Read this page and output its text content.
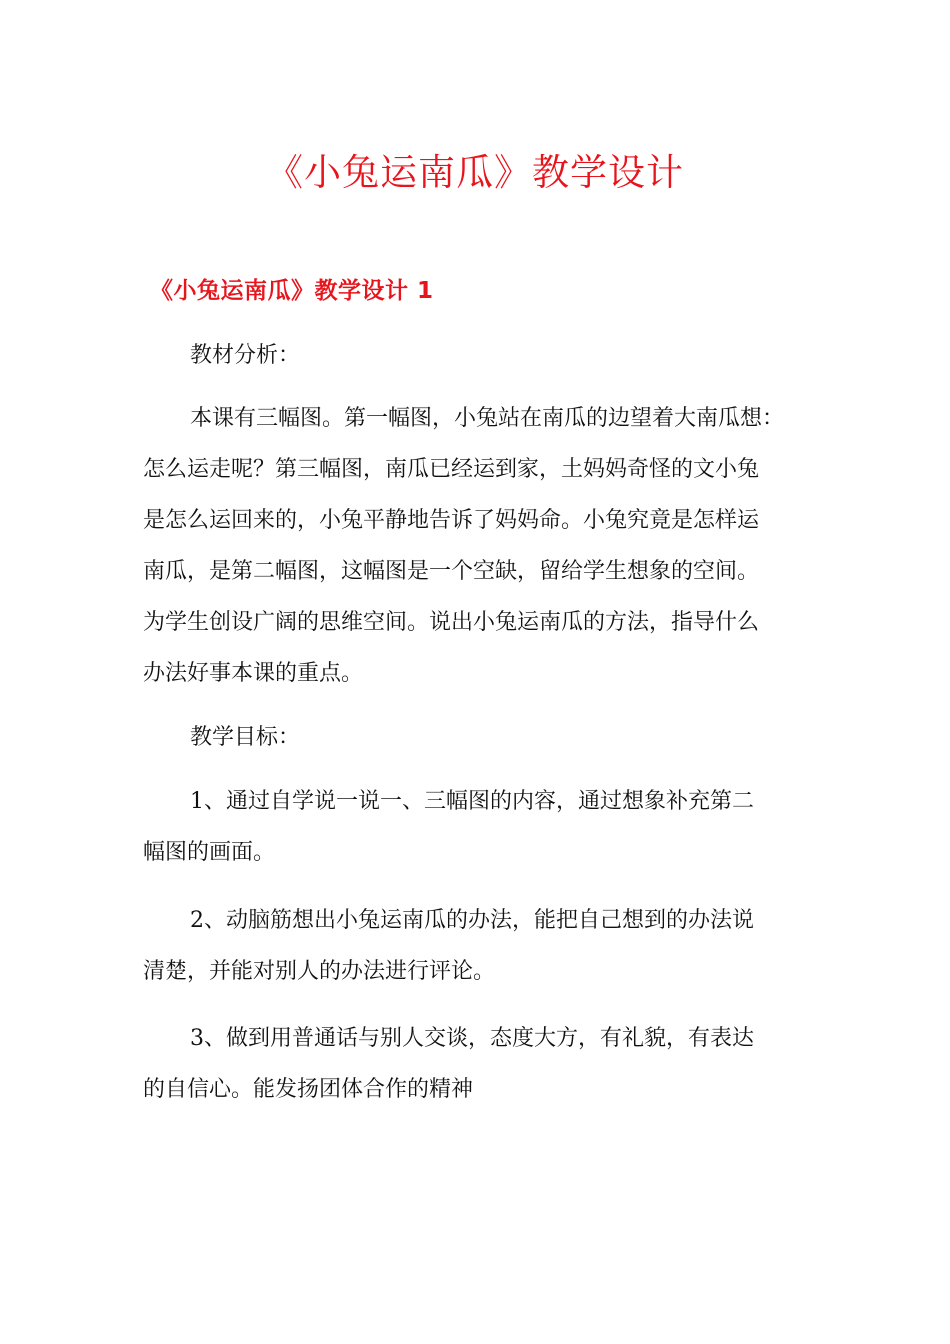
《小兔运南瓜》教学设计
《小兔运南瓜》教学设计 1

教材分析：

本课有三幅图。第一幅图，小兔站在南瓜的边望着大南瓜想：
怎么运走呢？第三幅图，南瓜已经运到家，土妈妈奇怪的文小兔
是怎么运回来的，小兔平静地告诉了妈妈命。小兔究竟是怎样运
南瓜，是第二幅图，这幅图是一个空缺，留给学生想象的空间。
为学生创设广阔的思维空间。说出小兔运南瓜的方法，指导什么
办法好事本课的重点。

教学目标：

1、通过自学说一说一、三幅图的内容，通过想象补充第二
幅图的画面。

2、动脑筋想出小兔运南瓜的办法，能把自己想到的办法说
清楚，并能对别人的办法进行评论。

3、做到用普通话与别人交谈，态度大方，有礼貌，有表达
的自信心。能发扬团体合作的精神
